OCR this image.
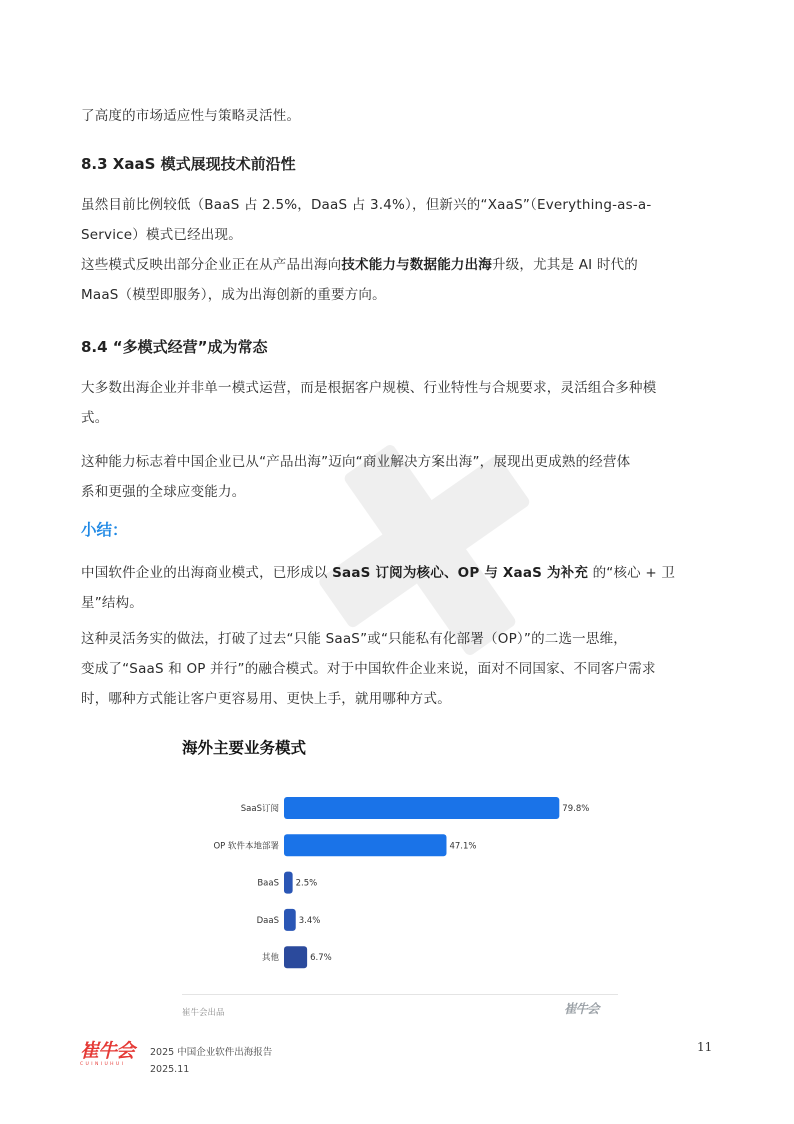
了高度的市场适应性与策略灵活性。
8.3 XaaS 模式展现技术前沿性
虽然目前比例较低（BaaS 占 2.5%，DaaS 占 3.4%），但新兴的“XaaS”（Everything-as-a-
Service）模式已经出现。
这些模式反映出部分企业正在从产品出海向技术能力与数据能力出海升级，尤其是 AI 时代的
MaaS（模型即服务），成为出海创新的重要方向。
8.4 “多模式经营”成为常态
大多数出海企业并非单一模式运营，而是根据客户规模、行业特性与合规要求，灵活组合多种模
式。
这种能力标志着中国企业已从“产品出海”迈向“商业解决方案出海”，展现出更成熟的经营体
系和更强的全球应变能力。
小结：
中国软件企业的出海商业模式，已形成以 SaaS 订阅为核心、OP 与 XaaS 为补充 的“核心 + 卫
星”结构。
这种灵活务实的做法，打破了过去“只能 SaaS”或“只能私有化部署（OP）”的二选一思维，
变成了“SaaS 和 OP 并行”的融合模式。对于中国软件企业来说，面对不同国家、不同客户需求
时，哪种方式能让客户更容易用、更快上手，就用哪种方式。
海外主要业务模式
SaaS订阅	79.8%
OP 软件本地部署	47.1%
BaaS 2.5%
DaaS 3.4%
其他	6.7%
崔牛会出品	崔牛会
崔牛会
CUINIUHUI
2025 中国企业软件出海报告
2025.11
11
